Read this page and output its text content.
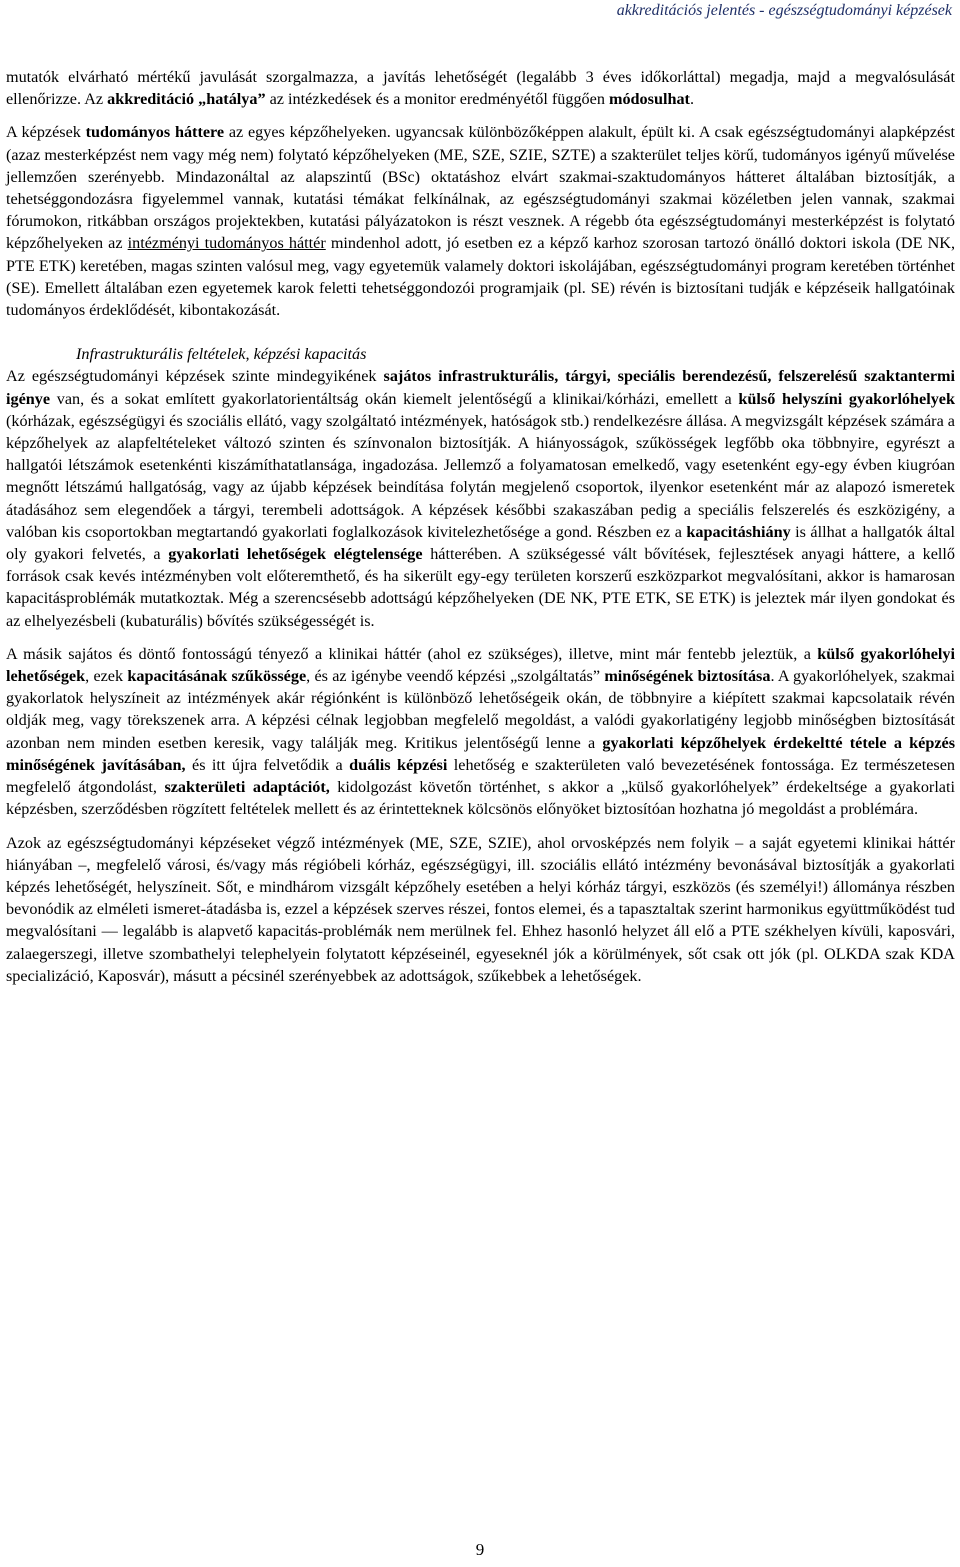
akkreditációs jelentés - egészségtudományi képzések

mutatók elvárható mértékű javulását szorgalmazza, a javítás lehetőségét (legalább 3 éves időkorláttal) megadja, majd a megvalósulását ellenőrizze. Az akkreditáció „hatálya” az intézkedések és a monitor eredményétől függően módosulhat.

A képzések tudományos háttere az egyes képzőhelyeken. ugyancsak különbözőképpen alakult, épült ki. A csak egészségtudományi alapképzést (azaz mesterképzést nem vagy még nem) folytató képzőhelyeken (ME, SZE, SZIE, SZTE) a szakterület teljes körű, tudományos igényű művelése jellemzően szerényebb. Mindazonáltal az alapszintű (BSc) oktatáshoz elvárt szakmai-szaktudományos hátteret általában biztosítják, a tehetséggondozásra figyelemmel vannak, kutatási témákat felkínálnak, az egészségtudományi szakmai közéletben jelen vannak, szakmai fórumokon, ritkábban országos projektekben, kutatási pályázatokon is részt vesznek. A régebb óta egészségtudományi mesterképzést is folytató képzőhelyeken az intézményi tudományos háttér mindenhol adott, jó esetben ez a képző karhoz szorosan tartozó önálló doktori iskola (DE NK, PTE ETK) keretében, magas szinten valósul meg, vagy egyetemük valamely doktori iskolájában, egészségtudományi program keretében történhet (SE). Emellett általában ezen egyetemek karok feletti tehetséggondozói programjaik (pl. SE) révén is biztosítani tudják e képzéseik hallgatóinak tudományos érdeklődését, kibontakozását.

Infrastrukturális feltételek, képzési kapacitás

Az egészségtudományi képzések szinte mindegyikének sajátos infrastrukturális, tárgyi, speciális berendezésű, felszerelésű szaktantermi igénye van, és a sokat említett gyakorlatorientáltság okán kiemelt jelentőségű a klinikai/kórházi, emellett a külső helyszíni gyakorlóhelyek (kórházak, egészségügyi és szociális ellátó, vagy szolgáltató intézmények, hatóságok stb.) rendelkezésre állása. A megvizsgált képzések számára a képzőhelyek az alapfeltételeket változó szinten és színvonalon biztosítják. A hiányosságok, szűkösségek legfőbb oka többnyire, egyrészt a hallgatói létszámok esetenkénti kiszámíthatatlansága, ingadozása. Jellemző a folyamatosan emelkedő, vagy esetenként egy-egy évben kiugróan megnőtt létszámú hallgatóság, vagy az újabb képzések beindítása folytán megjelenő csoportok, ilyenkor esetenként már az alapozó ismeretek átadásához sem elegendőek a tárgyi, terembeli adottságok. A képzések későbbi szakaszában pedig a speciális felszerelés és eszközigény, a valóban kis csoportokban megtartandó gyakorlati foglalkozások kivitelezhetősége a gond. Részben ez a kapacitáshiány is állhat a hallgatók által oly gyakori felvetés, a gyakorlati lehetőségek elégtelensége hátterében. A szükségessé vált bővítések, fejlesztések anyagi háttere, a kellő források csak kevés intézményben volt előteremthető, és ha sikerült egy-egy területen korszerű eszközparkot megvalósítani, akkor is hamarosan kapacitásproblémák mutatkoztak. Még a szerencsésebb adottságú képzőhelyeken (DE NK, PTE ETK, SE ETK) is jeleztek már ilyen gondokat és az elhelyezésbeli (kubaturális) bővítés szükségességét is.

A másik sajátos és döntő fontosságú tényező a klinikai háttér (ahol ez szükséges), illetve, mint már fentebb jeleztük, a külső gyakorlóhelyi lehetőségek, ezek kapacitásának szűkössége, és az igénybe veendő képzési „szolgáltatás” minőségének biztosítása. A gyakorlóhelyek, szakmai gyakorlatok helyszíneit az intézmények akár régiónként is különböző lehetőségeik okán, de többnyire a kiépített szakmai kapcsolataik révén oldják meg, vagy törekszenek arra. A képzési célnak legjobban megfelelő megoldást, a valódi gyakorlatigény legjobb minőségben biztosítását azonban nem minden esetben keresik, vagy találják meg. Kritikus jelentőségű lenne a gyakorlati képzőhelyek érdekeltté tétele a képzés minőségének javításában, és itt újra felvetődik a duális képzési lehetőség e szakterületen való bevezetésének fontossága. Ez természetesen megfelelő átgondolást, szakterületi adaptációt, kidolgozást követőn történhet, s akkor a „külső gyakorlóhelyek” érdekeltsége a gyakorlati képzésben, szerződésben rögzített feltételek mellett és az érintetteknek kölcsönös előnyöket biztosítóan hozhatna jó megoldást a problémára.

Azok az egészségtudományi képzéseket végző intézmények (ME, SZE, SZIE), ahol orvosképzés nem folyik – a saját egyetemi klinikai háttér hiányában –, megfelelő városi, és/vagy más régióbeli kórház, egészségügyi, ill. szociális ellátó intézmény bevonásával biztosítják a gyakorlati képzés lehetőségét, helyszíneit. Sőt, e mindhárom vizsgált képzőhely esetében a helyi kórház tárgyi, eszközös (és személyi!) állománya részben bevonódik az elméleti ismeret-átadásba is, ezzel a képzések szerves részei, fontos elemei, és a tapasztaltak szerint harmonikus együttműködést tud megvalósítani — legalább is alapvető kapacitás-problémák nem merülnek fel. Ehhez hasonló helyzet áll elő a PTE székhelyen kívüli, kaposvári, zalaegerszegi, illetve szombathelyi telephelyein folytatott képzéseinél, egyeseknél jók a körülmények, sőt csak ott jók (pl. OLKDA szak KDA specializáció, Kaposvár), másutt a pécsinél szerényebbek az adottságok, szűkebbek a lehetőségek.

9
